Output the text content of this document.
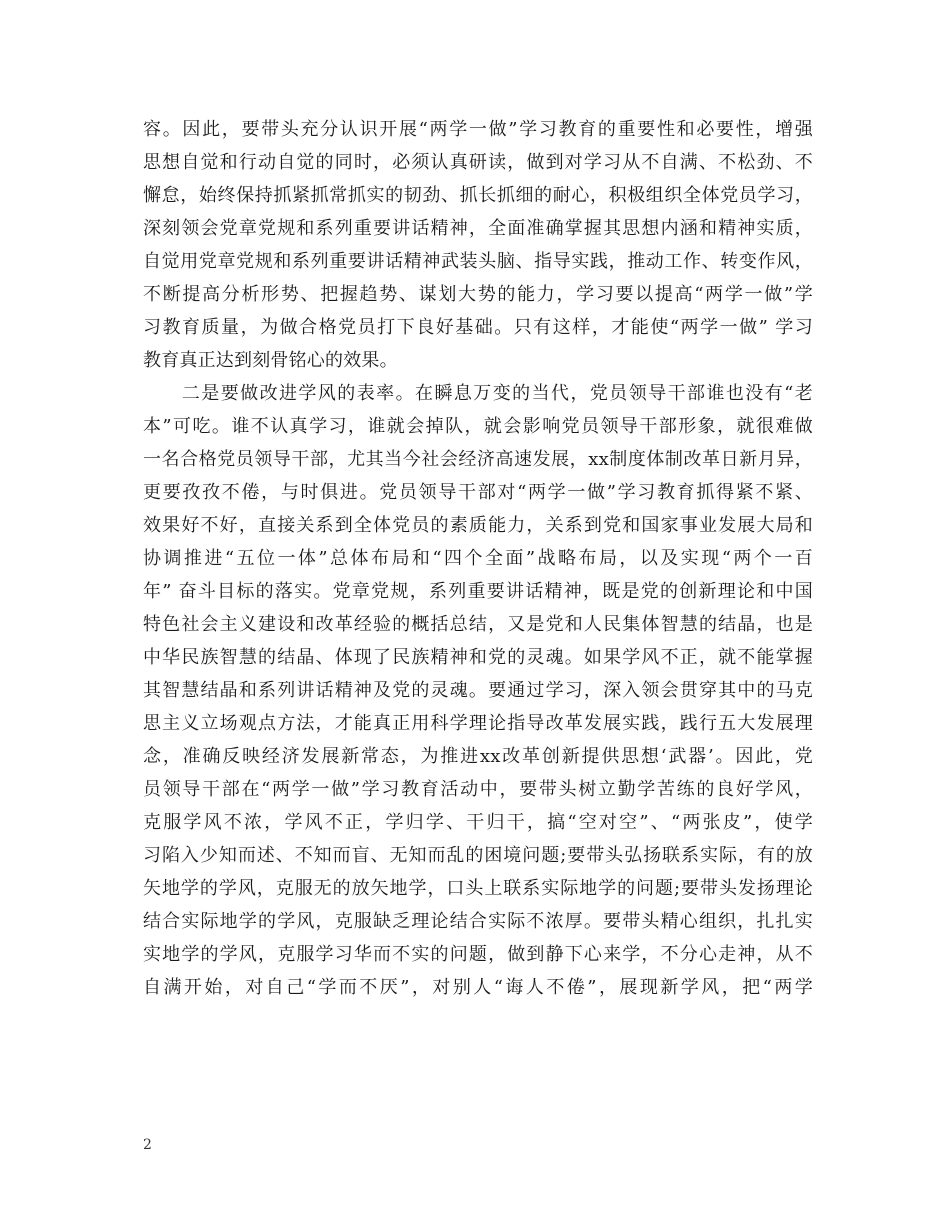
容。因此，要带头充分认识开展“两学一做”学习教育的重要性和必要性，增强
思想自觉和行动自觉的同时，必须认真研读，做到对学习从不自满、不松劲、不
懈怠，始终保持抓紧抓常抓实的韧劲、抓长抓细的耐心，积极组织全体党员学习，
深刻领会党章党规和系列重要讲话精神，全面准确掌握其思想内涵和精神实质，
自觉用党章党规和系列重要讲话精神武装头脑、指导实践，推动工作、转变作风，
不断提高分析形势、把握趋势、谋划大势的能力，学习要以提高“两学一做”学
习教育质量，为做合格党员打下良好基础。只有这样，才能使“两学一做” 学习
教育真正达到刻骨铭心的效果。
　　二是要做改进学风的表率。在瞬息万变的当代，党员领导干部谁也没有“老
本”可吃。谁不认真学习，谁就会掉队，就会影响党员领导干部形象，就很难做
一名合格党员领导干部，尤其当今社会经济高速发展，xx制度体制改革日新月异，
更要孜孜不倦，与时俱进。党员领导干部对“两学一做”学习教育抓得紧不紧、
效果好不好，直接关系到全体党员的素质能力，关系到党和国家事业发展大局和
协调推进“五位一体”总体布局和“四个全面”战略布局，以及实现“两个一百
年” 奋斗目标的落实。党章党规，系列重要讲话精神，既是党的创新理论和中国
特色社会主义建设和改革经验的概括总结，又是党和人民集体智慧的结晶，也是
中华民族智慧的结晶、体现了民族精神和党的灵魂。如果学风不正，就不能掌握
其智慧结晶和系列讲话精神及党的灵魂。要通过学习，深入领会贯穿其中的马克
思主义立场观点方法，才能真正用科学理论指导改革发展实践，践行五大发展理
念，准确反映经济发展新常态，为推进xx改革创新提供思想‘武器’。因此，党
员领导干部在“两学一做”学习教育活动中，要带头树立勤学苦练的良好学风，
克服学风不浓，学风不正，学归学、干归干，搞“空对空”、“两张皮”，使学
习陷入少知而述、不知而盲、无知而乱的困境问题;要带头弘扬联系实际，有的放
矢地学的学风，克服无的放矢地学，口头上联系实际地学的问题;要带头发扬理论
结合实际地学的学风，克服缺乏理论结合实际不浓厚。要带头精心组织，扎扎实
实地学的学风，克服学习华而不实的问题，做到静下心来学，不分心走神，从不
自满开始，对自己“学而不厌”，对别人“诲人不倦”，展现新学风，把“两学
2
